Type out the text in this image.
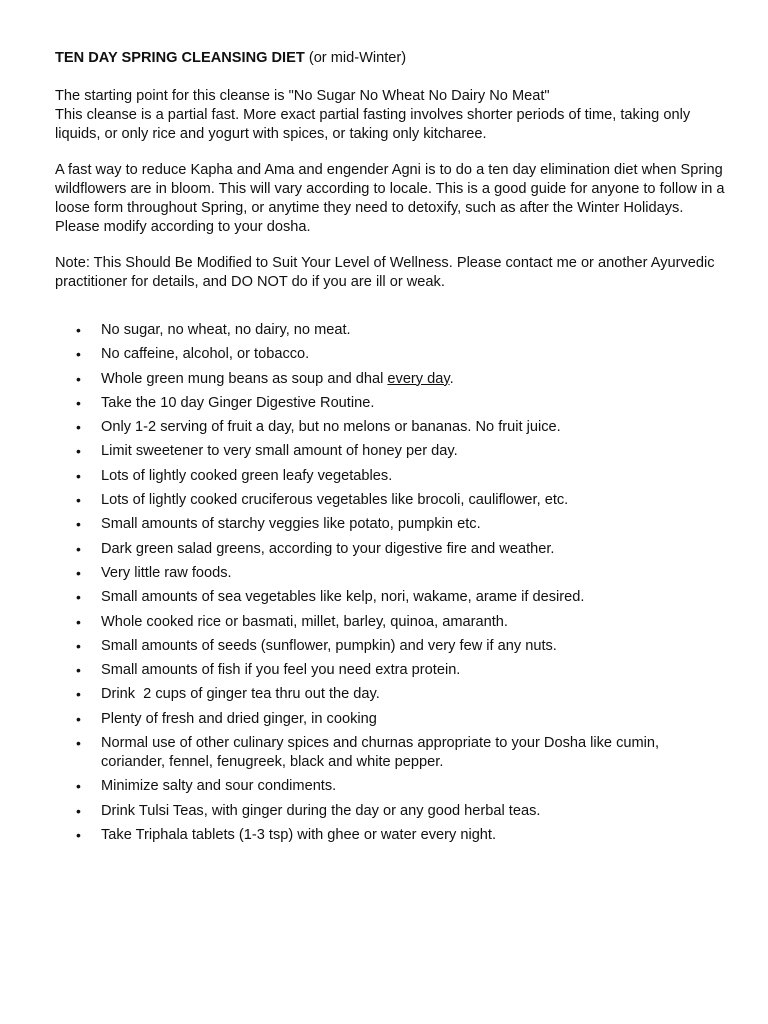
TEN DAY SPRING CLEANSING DIET (or mid-Winter)

The starting point for this cleanse is "No Sugar No Wheat No Dairy No Meat"

This cleanse is a partial fast. More exact partial fasting involves shorter periods of time, taking only liquids, or only rice and yogurt with spices, or taking only kitcharee.

A fast way to reduce Kapha and Ama and engender Agni is to do a ten day elimination diet when Spring wildflowers are in bloom. This will vary according to locale. This is a good guide for anyone to follow in a loose form throughout Spring, or anytime they need to detoxify, such as after the Winter Holidays. Please modify according to your dosha.

Note: This Should Be Modified to Suit Your Level of Wellness. Please contact me or another Ayurvedic practitioner for details, and DO NOT do if you are ill or weak.

• No sugar, no wheat, no dairy, no meat.
• No caffeine, alcohol, or tobacco.
• Whole green mung beans as soup and dhal every day.
• Take the 10 day Ginger Digestive Routine.
• Only 1-2 serving of fruit a day, but no melons or bananas. No fruit juice.
• Limit sweetener to very small amount of honey per day.
• Lots of lightly cooked green leafy vegetables.
• Lots of lightly cooked cruciferous vegetables like brocoli, cauliflower, etc.
• Small amounts of starchy veggies like potato, pumpkin etc.
• Dark green salad greens, according to your digestive fire and weather.
• Very little raw foods.
• Small amounts of sea vegetables like kelp, nori, wakame, arame if desired.
• Whole cooked rice or basmati, millet, barley, quinoa, amaranth.
• Small amounts of seeds (sunflower, pumpkin) and very few if any nuts.
• Small amounts of fish if you feel you need extra protein.
• Drink  2 cups of ginger tea thru out the day.
• Plenty of fresh and dried ginger, in cooking
• Normal use of other culinary spices and churnas appropriate to your Dosha like cumin, coriander, fennel, fenugreek, black and white pepper.
• Minimize salty and sour condiments.
• Drink Tulsi Teas, with ginger during the day or any good herbal teas.
• Take Triphala tablets (1-3 tsp) with ghee or water every night.
